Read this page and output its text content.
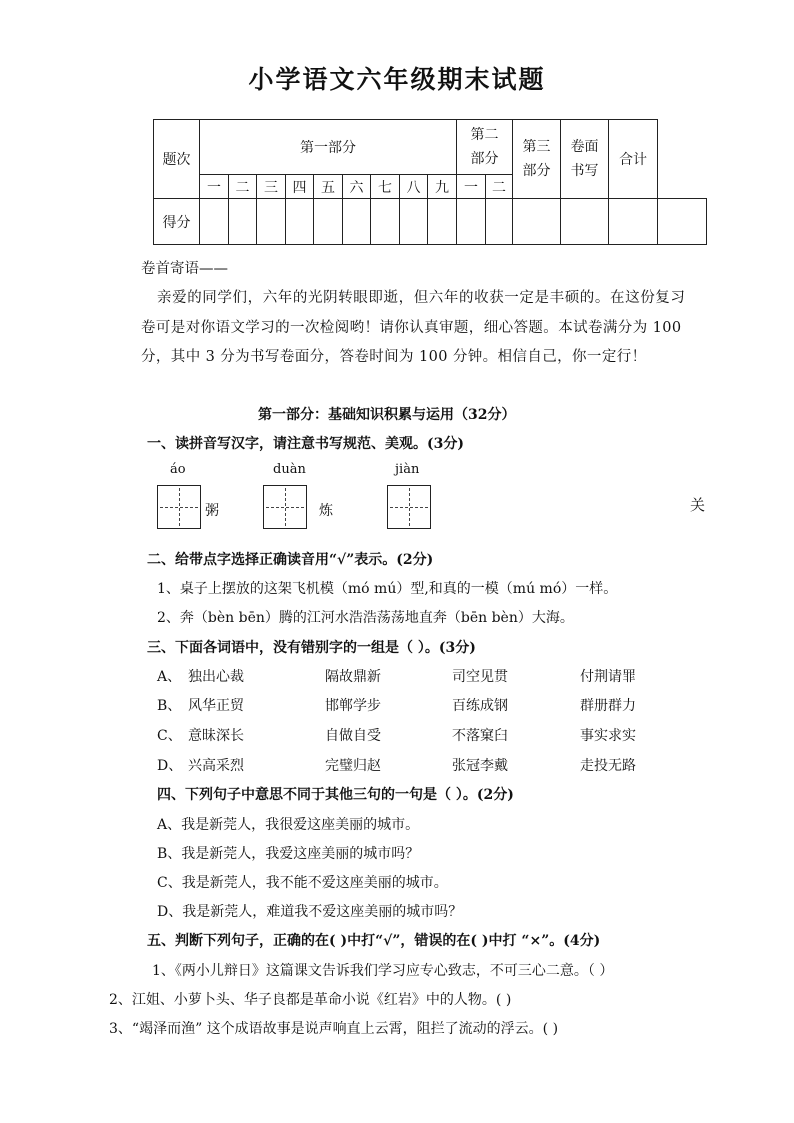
小学语文六年级期末试题
题次	第一部分									第二部分		第三部分	卷面书写	合计	
	一	二	三	四	五	六	七	八	九	一	二				
得分															
卷首寄语——
亲爱的同学们，六年的光阴转眼即逝，但六年的收获一定是丰硕的。在这份复习
卷可是对你语文学习的一次检阅哟！请你认真审题，细心答题。本试卷满分为 100
分，其中 3 分为书写卷面分，答卷时间为 100 分钟。相信自己，你一定行！
第一部分：基础知识积累与运用（32分）
一、读拼音写汉字，请注意书写规范、美观。(3分)
áo
粥
duàn
炼
jiàn
关
二、给带点字选择正确读音用“√”表示。(2分)
1、桌子上摆放的这架飞机模（mó mú）型,和真的一模（mú mó）一样。
2、奔（bèn bēn）腾的江河水浩浩荡荡地直奔（bēn bèn）大海。
三、下面各词语中，没有错别字的一组是（ ）。(3分)
A、 独出心裁	隔故鼎新	司空见贯	付荆请罪
B、 风华正贸	邯郸学步	百练成钢	群册群力
C、 意昧深长	自做自受	不落窠臼	事实求实
D、 兴高采烈	完璧归赵	张冠李戴	走投无路
四、下列句子中意思不同于其他三句的一句是（ ）。(2分)
A、我是新莞人，我很爱这座美丽的城市。
B、我是新莞人，我爱这座美丽的城市吗？
C、我是新莞人，我不能不爱这座美丽的城市。
D、我是新莞人，难道我不爱这座美丽的城市吗？
五、判断下列句子，正确的在( )中打“√”，错误的在( )中打 “×”。(4分)
1、《两小儿辩日》这篇课文告诉我们学习应专心致志，不可三心二意。（ ）
2、江姐、小萝卜头、华子良都是革命小说《红岩》中的人物。( )
3、“竭泽而渔” 这个成语故事是说声响直上云霄，阻拦了流动的浮云。( )
